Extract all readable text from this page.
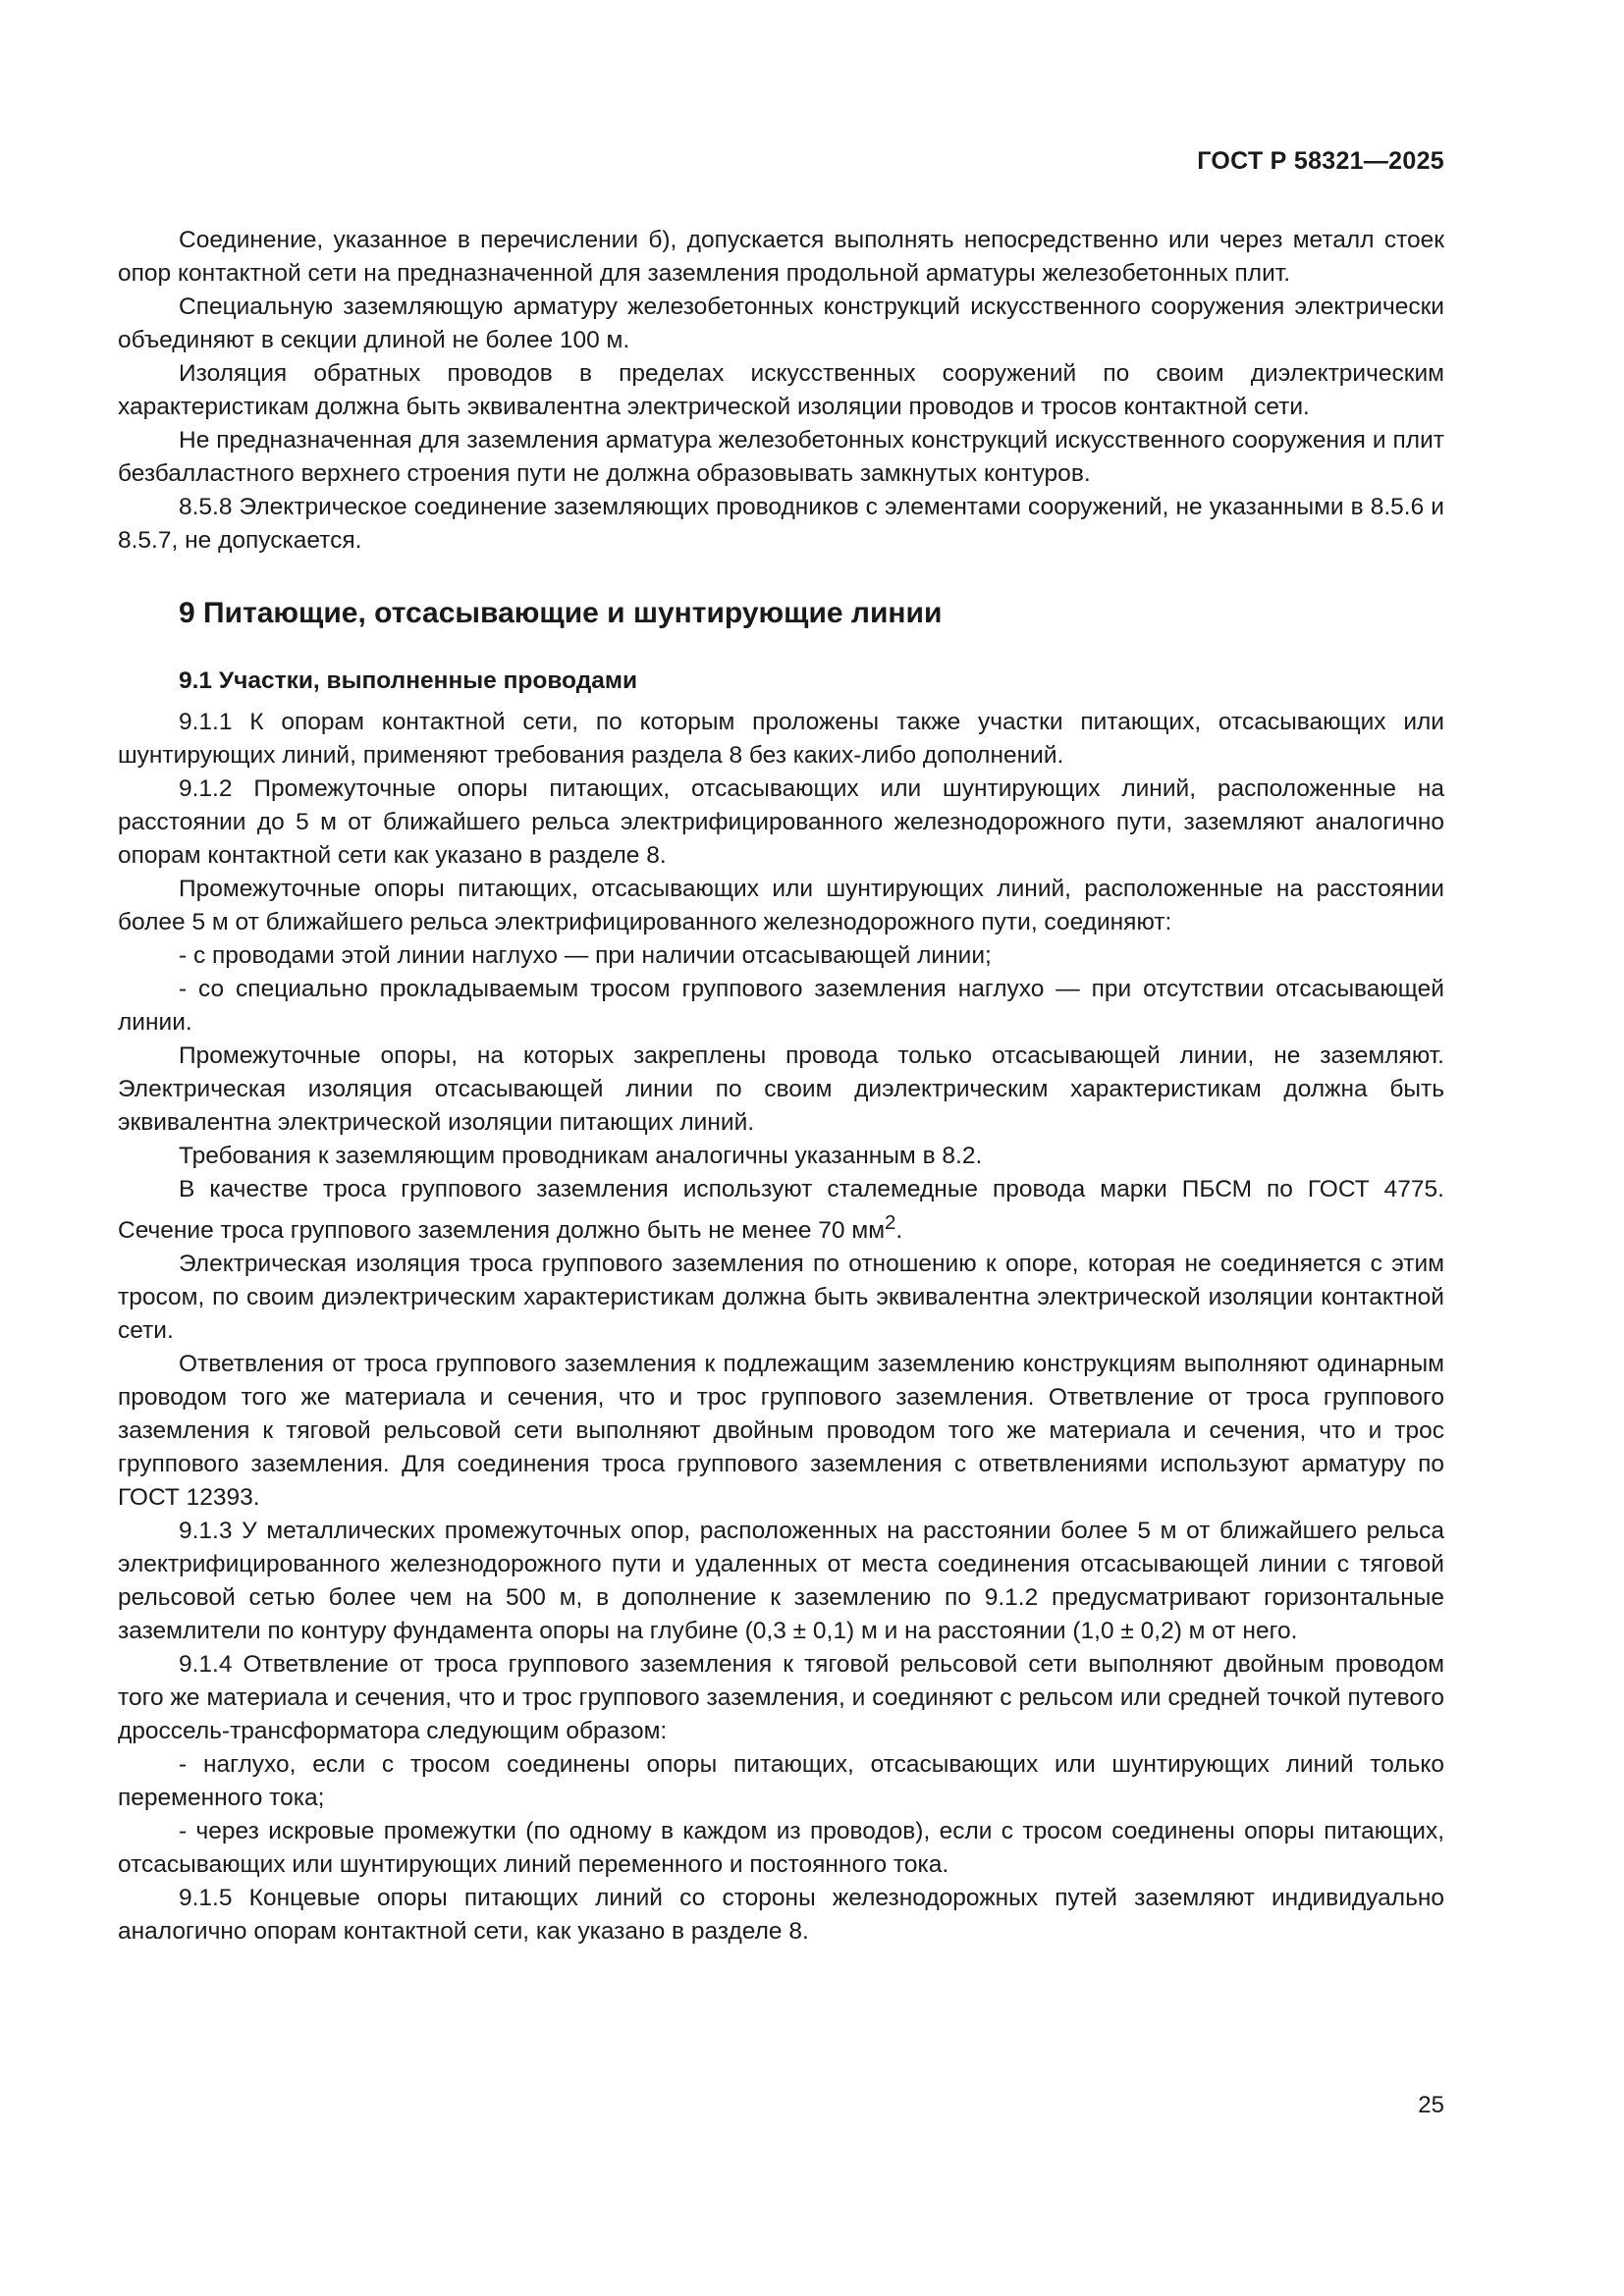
ГОСТ Р 58321—2025

Соединение, указанное в перечислении б), допускается выполнять непосредственно или через металл стоек опор контактной сети на предназначенной для заземления продольной арматуры железобетонных плит.

Специальную заземляющую арматуру железобетонных конструкций искусственного сооружения электрически объединяют в секции длиной не более 100 м.

Изоляция обратных проводов в пределах искусственных сооружений по своим диэлектрическим характеристикам должна быть эквивалентна электрической изоляции проводов и тросов контактной сети.

Не предназначенная для заземления арматура железобетонных конструкций искусственного сооружения и плит безбалластного верхнего строения пути не должна образовывать замкнутых контуров.

8.5.8 Электрическое соединение заземляющих проводников с элементами сооружений, не указанными в 8.5.6 и 8.5.7, не допускается.

9 Питающие, отсасывающие и шунтирующие линии
9.1 Участки, выполненные проводами

9.1.1 К опорам контактной сети, по которым проложены также участки питающих, отсасывающих или шунтирующих линий, применяют требования раздела 8 без каких-либо дополнений.

9.1.2 Промежуточные опоры питающих, отсасывающих или шунтирующих линий, расположенные на расстоянии до 5 м от ближайшего рельса электрифицированного железнодорожного пути, заземляют аналогично опорам контактной сети как указано в разделе 8.

Промежуточные опоры питающих, отсасывающих или шунтирующих линий, расположенные на расстоянии более 5 м от ближайшего рельса электрифицированного железнодорожного пути, соединяют:

- с проводами этой линии наглухо — при наличии отсасывающей линии;

- со специально прокладываемым тросом группового заземления наглухо — при отсутствии отсасывающей линии.

Промежуточные опоры, на которых закреплены провода только отсасывающей линии, не заземляют. Электрическая изоляция отсасывающей линии по своим диэлектрическим характеристикам должна быть эквивалентна электрической изоляции питающих линий.

Требования к заземляющим проводникам аналогичны указанным в 8.2.

В качестве троса группового заземления используют сталемедные провода марки ПБСМ по ГОСТ 4775. Сечение троса группового заземления должно быть не менее 70 $мм^2$.

Электрическая изоляция троса группового заземления по отношению к опоре, которая не соединяется с этим тросом, по своим диэлектрическим характеристикам должна быть эквивалентна электрической изоляции контактной сети.

Ответвления от троса группового заземления к подлежащим заземлению конструкциям выполняют одинарным проводом того же материала и сечения, что и трос группового заземления. Ответвление от троса группового заземления к тяговой рельсовой сети выполняют двойным проводом того же материала и сечения, что и трос группового заземления. Для соединения троса группового заземления с ответвлениями используют арматуру по ГОСТ 12393.

9.1.3 У металлических промежуточных опор, расположенных на расстоянии более 5 м от ближайшего рельса электрифицированного железнодорожного пути и удаленных от места соединения отсасывающей линии с тяговой рельсовой сетью более чем на 500 м, в дополнение к заземлению по 9.1.2 предусматривают горизонтальные заземлители по контуру фундамента опоры на глубине (0,3 ± 0,1) м и на расстоянии (1,0 ± 0,2) м от него.

9.1.4 Ответвление от троса группового заземления к тяговой рельсовой сети выполняют двойным проводом того же материала и сечения, что и трос группового заземления, и соединяют с рельсом или средней точкой путевого дроссель-трансформатора следующим образом:

- наглухо, если с тросом соединены опоры питающих, отсасывающих или шунтирующих линий только переменного тока;

- через искровые промежутки (по одному в каждом из проводов), если с тросом соединены опоры питающих, отсасывающих или шунтирующих линий переменного и постоянного тока.

9.1.5 Концевые опоры питающих линий со стороны железнодорожных путей заземляют индивидуально аналогично опорам контактной сети, как указано в разделе 8.

25
